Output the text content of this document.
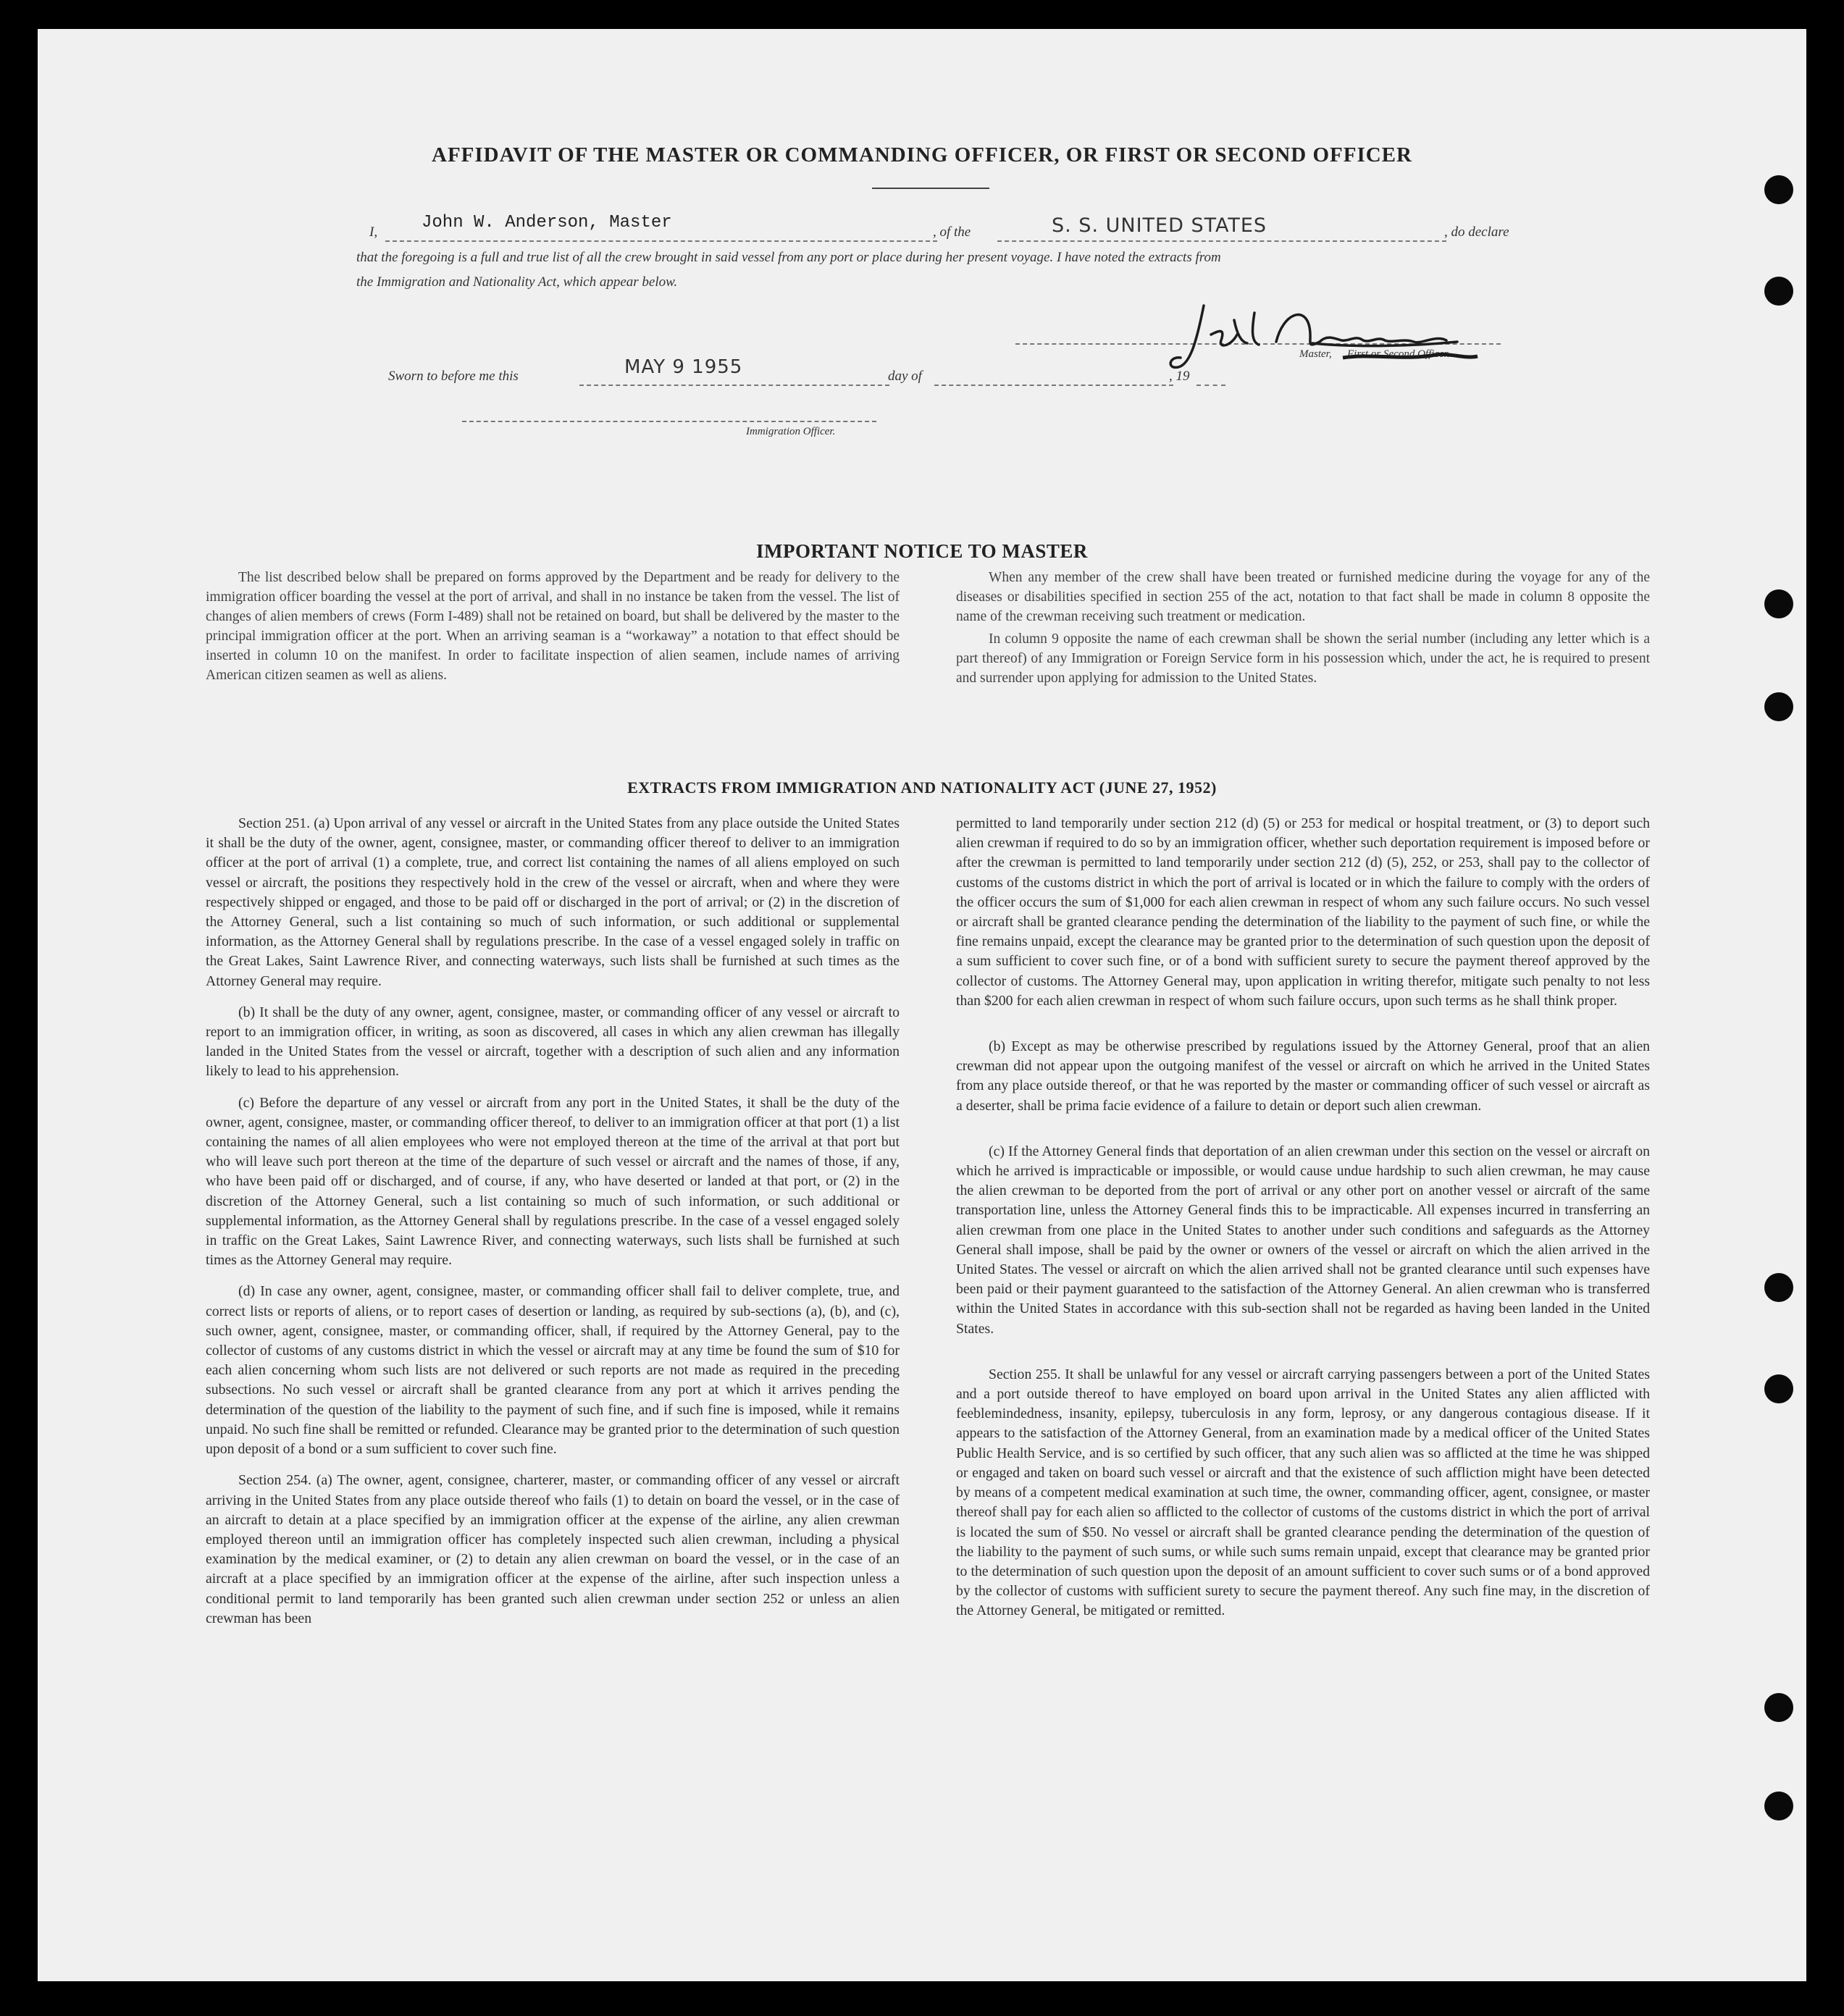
AFFIDAVIT OF THE MASTER OR COMMANDING OFFICER, OR FIRST OR SECOND OFFICER
I,	John W. Anderson, Master	, of the	S. S. UNITED STATES	, do declare
that the foregoing is a full and true list of all the crew brought in said vessel from any port or place during her present voyage. I have noted the extracts from
the Immigration and Nationality Act, which appear below.
Master, First or Second Officer.
Sworn to before me this	MAY 9 1955	day of	, 19
Immigration Officer.
IMPORTANT NOTICE TO MASTER

The list described below shall be prepared on forms approved by the Department and be ready for delivery to the immigration officer boarding the vessel at the port of arrival, and shall in no instance be taken from the vessel. The list of changes of alien members of crews (Form I-489) shall not be retained on board, but shall be delivered by the master to the principal immigration officer at the port. When an arriving seaman is a “workaway” a notation to that effect should be inserted in column 10 on the manifest. In order to facilitate inspection of alien seamen, include names of arriving American citizen seamen as well as aliens.

When any member of the crew shall have been treated or furnished medicine during the voyage for any of the diseases or disabilities specified in section 255 of the act, notation to that fact shall be made in column 8 opposite the name of the crewman receiving such treatment or medication.

In column 9 opposite the name of each crewman shall be shown the serial number (including any letter which is a part thereof) of any Immigration or Foreign Service form in his possession which, under the act, he is required to present and surrender upon applying for admission to the United States.

EXTRACTS FROM IMMIGRATION AND NATIONALITY ACT (JUNE 27, 1952)

Section 251. (a) Upon arrival of any vessel or aircraft in the United States from any place outside the United States it shall be the duty of the owner, agent, consignee, master, or commanding officer thereof to deliver to an immigration officer at the port of arrival (1) a complete, true, and correct list containing the names of all aliens employed on such vessel or aircraft, the positions they respectively hold in the crew of the vessel or aircraft, when and where they were respectively shipped or engaged, and those to be paid off or discharged in the port of arrival; or (2) in the discretion of the Attorney General, such a list containing so much of such information, or such additional or supplemental information, as the Attorney General shall by regulations prescribe. In the case of a vessel engaged solely in traffic on the Great Lakes, Saint Lawrence River, and connecting waterways, such lists shall be furnished at such times as the Attorney General may require.

(b) It shall be the duty of any owner, agent, consignee, master, or commanding officer of any vessel or aircraft to report to an immigration officer, in writing, as soon as discovered, all cases in which any alien crewman has illegally landed in the United States from the vessel or aircraft, together with a description of such alien and any information likely to lead to his apprehension.

(c) Before the departure of any vessel or aircraft from any port in the United States, it shall be the duty of the owner, agent, consignee, master, or commanding officer thereof, to deliver to an immigration officer at that port (1) a list containing the names of all alien employees who were not employed thereon at the time of the arrival at that port but who will leave such port thereon at the time of the departure of such vessel or aircraft and the names of those, if any, who have been paid off or discharged, and of course, if any, who have deserted or landed at that port, or (2) in the discretion of the Attorney General, such a list containing so much of such information, or such additional or supplemental information, as the Attorney General shall by regulations prescribe. In the case of a vessel engaged solely in traffic on the Great Lakes, Saint Lawrence River, and connecting waterways, such lists shall be furnished at such times as the Attorney General may require.

(d) In case any owner, agent, consignee, master, or commanding officer shall fail to deliver complete, true, and correct lists or reports of aliens, or to report cases of desertion or landing, as required by sub-sections (a), (b), and (c), such owner, agent, consignee, master, or commanding officer, shall, if required by the Attorney General, pay to the collector of customs of any customs district in which the vessel or aircraft may at any time be found the sum of $10 for each alien concerning whom such lists are not delivered or such reports are not made as required in the preceding subsections. No such vessel or aircraft shall be granted clearance from any port at which it arrives pending the determination of the question of the liability to the payment of such fine, and if such fine is imposed, while it remains unpaid. No such fine shall be remitted or refunded. Clearance may be granted prior to the determination of such question upon deposit of a bond or a sum sufficient to cover such fine.

Section 254. (a) The owner, agent, consignee, charterer, master, or commanding officer of any vessel or aircraft arriving in the United States from any place outside thereof who fails (1) to detain on board the vessel, or in the case of an aircraft to detain at a place specified by an immigration officer at the expense of the airline, any alien crewman employed thereon until an immigration officer has completely inspected such alien crewman, including a physical examination by the medical examiner, or (2) to detain any alien crewman on board the vessel, or in the case of an aircraft at a place specified by an immigration officer at the expense of the airline, after such inspection unless a conditional permit to land temporarily has been granted such alien crewman under section 252 or unless an alien crewman has been

permitted to land temporarily under section 212 (d) (5) or 253 for medical or hospital treatment, or (3) to deport such alien crewman if required to do so by an immigration officer, whether such deportation requirement is imposed before or after the crewman is permitted to land temporarily under section 212 (d) (5), 252, or 253, shall pay to the collector of customs of the customs district in which the port of arrival is located or in which the failure to comply with the orders of the officer occurs the sum of $1,000 for each alien crewman in respect of whom any such failure occurs. No such vessel or aircraft shall be granted clearance pending the determination of the liability to the payment of such fine, or while the fine remains unpaid, except the clearance may be granted prior to the determination of such question upon the deposit of a sum sufficient to cover such fine, or of a bond with sufficient surety to secure the payment thereof approved by the collector of customs. The Attorney General may, upon application in writing therefor, mitigate such penalty to not less than $200 for each alien crewman in respect of whom such failure occurs, upon such terms as he shall think proper.

(b) Except as may be otherwise prescribed by regulations issued by the Attorney General, proof that an alien crewman did not appear upon the outgoing manifest of the vessel or aircraft on which he arrived in the United States from any place outside thereof, or that he was reported by the master or commanding officer of such vessel or aircraft as a deserter, shall be prima facie evidence of a failure to detain or deport such alien crewman.

(c) If the Attorney General finds that deportation of an alien crewman under this section on the vessel or aircraft on which he arrived is impracticable or impossible, or would cause undue hardship to such alien crewman, he may cause the alien crewman to be deported from the port of arrival or any other port on another vessel or aircraft of the same transportation line, unless the Attorney General finds this to be impracticable. All expenses incurred in transferring an alien crewman from one place in the United States to another under such conditions and safeguards as the Attorney General shall impose, shall be paid by the owner or owners of the vessel or aircraft on which the alien arrived in the United States. The vessel or aircraft on which the alien arrived shall not be granted clearance until such expenses have been paid or their payment guaranteed to the satisfaction of the Attorney General. An alien crewman who is transferred within the United States in accordance with this sub-section shall not be regarded as having been landed in the United States.

Section 255. It shall be unlawful for any vessel or aircraft carrying passengers between a port of the United States and a port outside thereof to have employed on board upon arrival in the United States any alien afflicted with feeblemindedness, insanity, epilepsy, tuberculosis in any form, leprosy, or any dangerous contagious disease. If it appears to the satisfaction of the Attorney General, from an examination made by a medical officer of the United States Public Health Service, and is so certified by such officer, that any such alien was so afflicted at the time he was shipped or engaged and taken on board such vessel or aircraft and that the existence of such affliction might have been detected by means of a competent medical examination at such time, the owner, commanding officer, agent, consignee, or master thereof shall pay for each alien so afflicted to the collector of customs of the customs district in which the port of arrival is located the sum of $50. No vessel or aircraft shall be granted clearance pending the determination of the question of the liability to the payment of such sums, or while such sums remain unpaid, except that clearance may be granted prior to the determination of such question upon the deposit of an amount sufficient to cover such sums or of a bond approved by the collector of customs with sufficient surety to secure the payment thereof. Any such fine may, in the discretion of the Attorney General, be mitigated or remitted.
